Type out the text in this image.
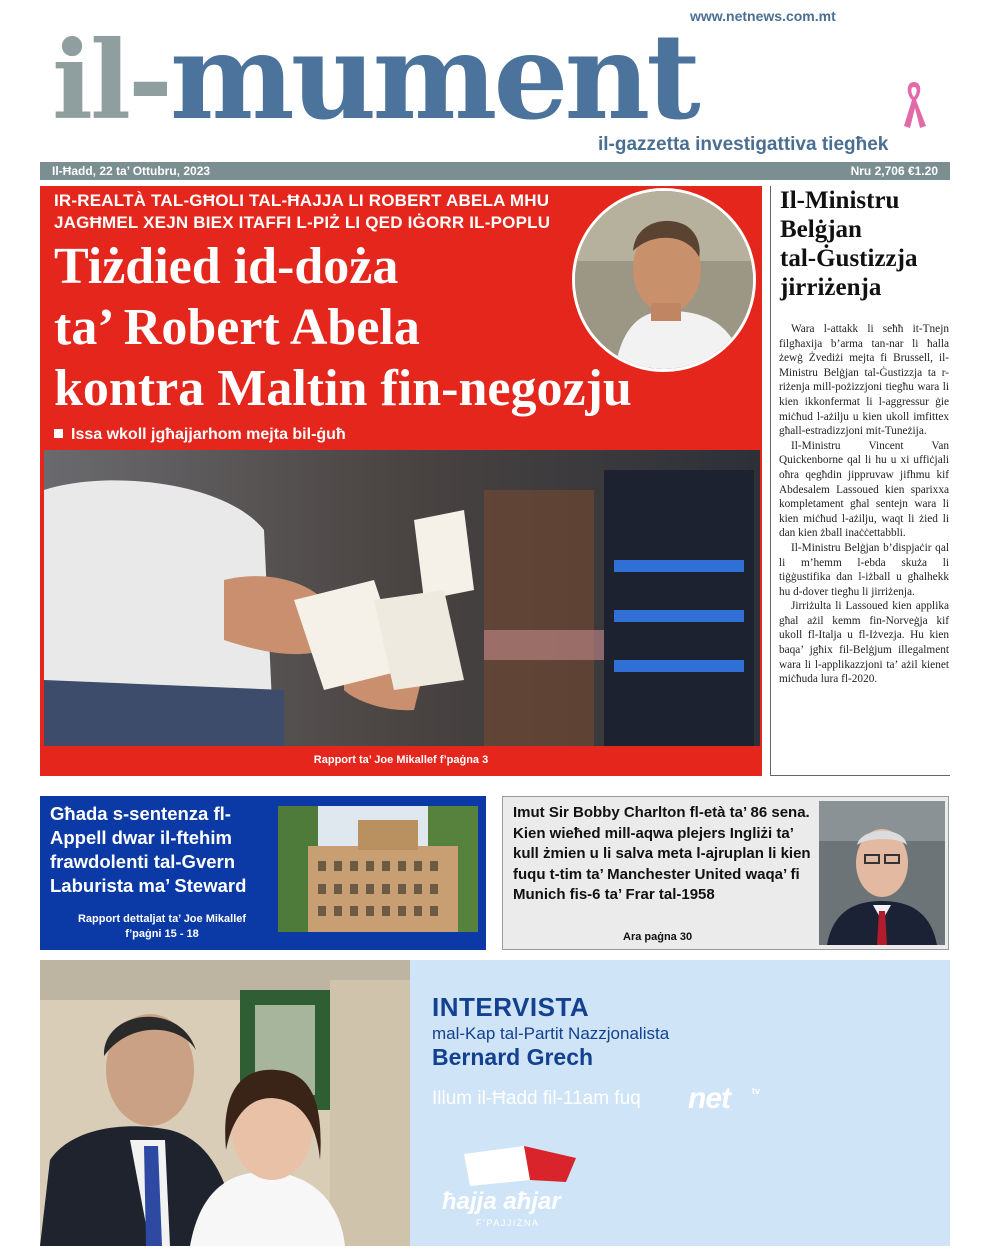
www.netnews.com.mt
il-mument
il-gazzetta investigattiva tiegħek
Il-Ħadd, 22 ta’ Ottubru, 2023	Nru 2,706 €1.20
IR-REALTÀ TAL-GĦOLI TAL-ĦAJJA LI ROBERT ABELA MHU JAGĦMEL XEJN BIEX ITAFFI L-PIŻ LI QED IĠORR IL-POPLU
Tiżdied id-doża
ta’ Robert Abela
kontra Maltin fin-negozju
Issa wkoll jgħajjarhom mejta bil-ġuħ
Rapport ta’ Joe Mikallef f’paġna 3
Il-Ministru
Belġjan
tal-Ġustizzja
jirriżenja

Wara l-attakk li seħħ it-Tnejn filgħaxija b’arma tan-nar li ħalla żewġ Żvediżi mejta fi Brussell, il-Ministru Belġjan tal-Ġustizzja ta r-riżenja mill-pożizzjoni tiegħu wara li kien ikkonfermat li l-aggressur ġie miċħud l-ażilju u kien ukoll imfittex għall-estradizzjoni mit-Tuneżija.

Il-Ministru Vincent Van Quickenborne qal li hu u xi uffiċjali oħra qegħdin jippruvaw jifhmu kif Abdesalem Lassoued kien sparixxa kompletament għal sentejn wara li kien miċħud l-ażilju, waqt li żied li dan kien żball inaċċettabbli.

Il-Ministru Belġjan b’dispjaċir qal li m’hemm l-ebda skuża li tiġġustifika dan l-iżball u għalhekk hu d-dover tiegħu li jirriżenja.

Jirriżulta li Lassoued kien applika għal ażil kemm fin-Norveġja kif ukoll fl-Italja u fl-Iżvezja. Hu kien baqa’ jgħix fil-Belġjum illegalment wara li l-applikazzjoni ta’ ażil kienet miċħuda lura fl-2020.

Għada s-sentenza fl-Appell dwar il-ftehim frawdolenti tal-Gvern Laburista ma’ Steward
Rapport dettaljat ta’ Joe Mikallef
f’paġni 15 - 18
Imut Sir Bobby Charlton fl-età ta’ 86 sena. Kien wieħed mill-aqwa plejers Ingliżi ta’ kull żmien u li salva meta l-ajruplan li kien fuqu t-tim ta’ Manchester United waqa’ fi Munich fis-6 ta’ Frar tal-1958
Ara paġna 30
INTERVISTA
mal-Kap tal-Partit Nazzjonalista
Bernard Grech
Illum il-Ħadd fil-11am fuq net tv
ħajja aħjar
F’PAJJIŻNA
